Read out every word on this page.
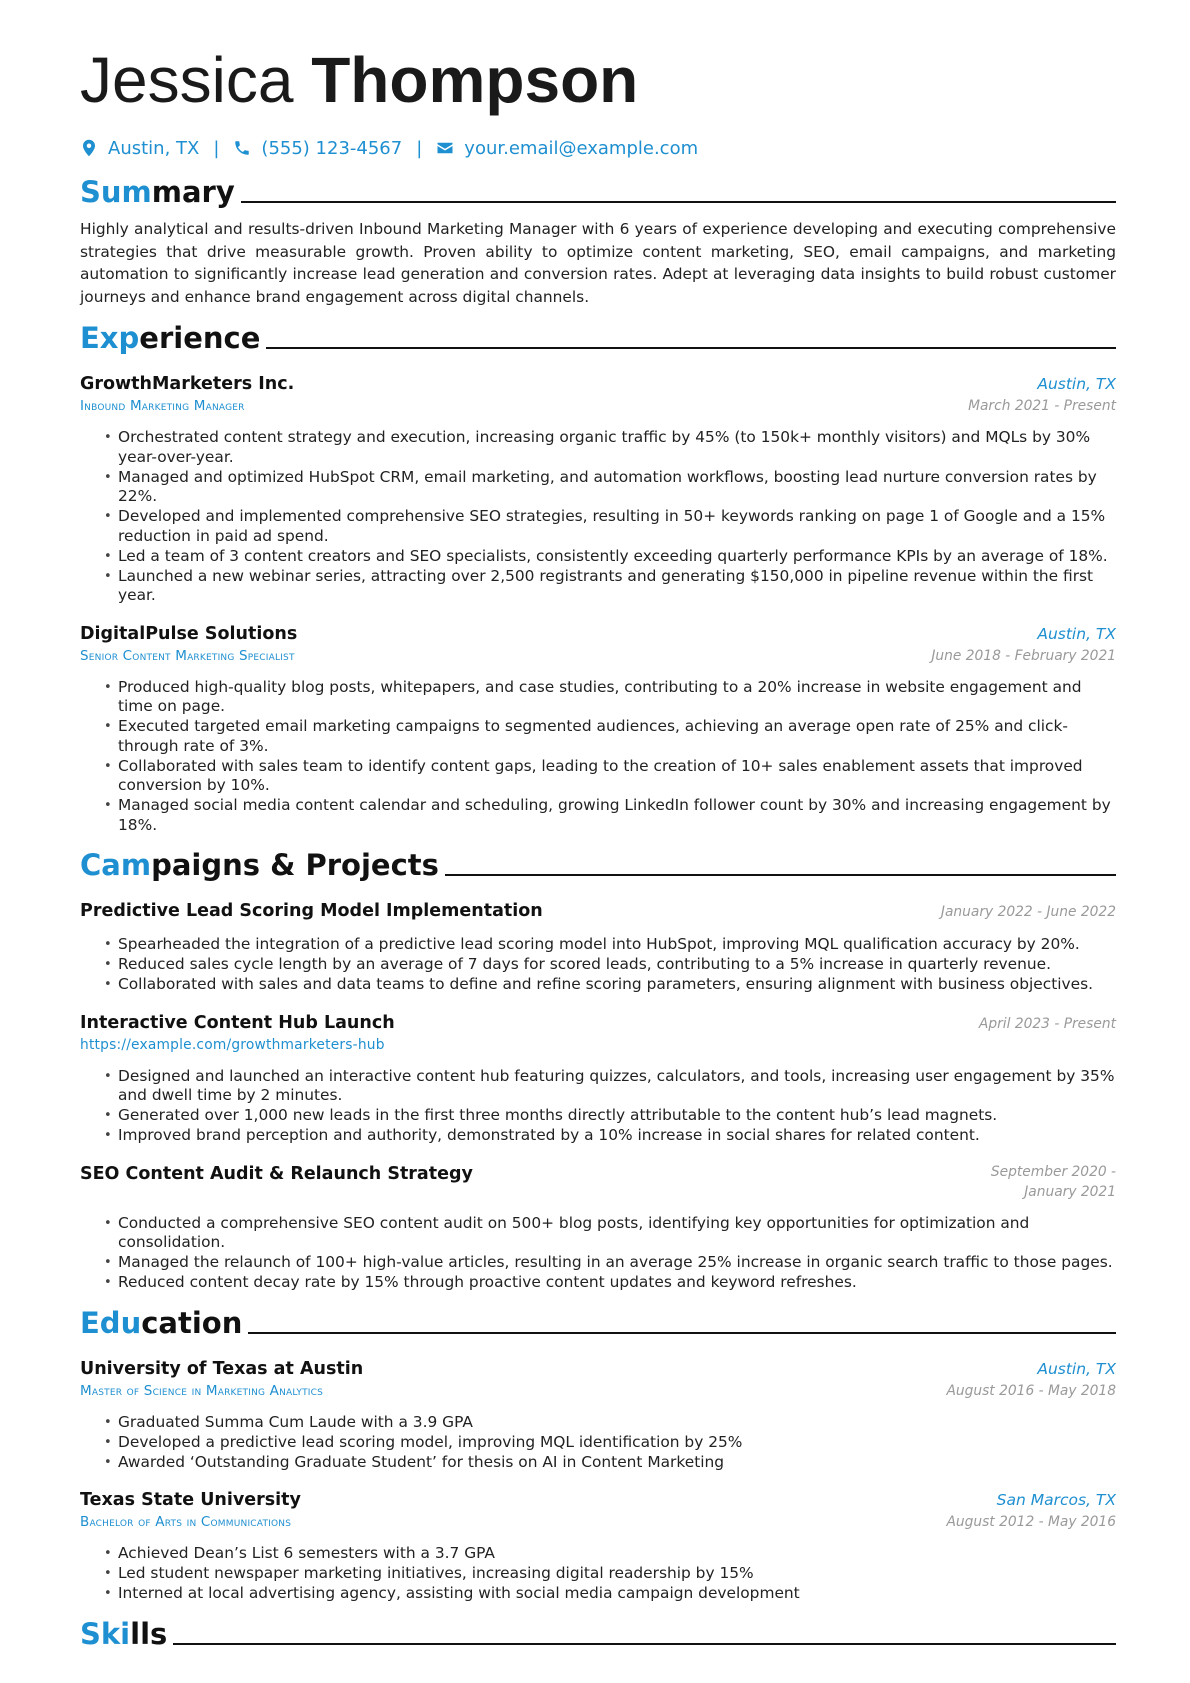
Jessica Thompson
Austin, TX | (555) 123-4567 | your.email@example.com
Summary

Highly analytical and results-driven Inbound Marketing Manager with 6 years of experience developing and executing comprehensive strategies that drive measurable growth. Proven ability to optimize content marketing, SEO, email campaigns, and marketing automation to significantly increase lead generation and conversion rates. Adept at leveraging data insights to build robust customer journeys and enhance brand engagement across digital channels.

Experience
GrowthMarketers Inc.	Austin, TX
Inbound Marketing Manager	March 2021 - Present
• Orchestrated content strategy and execution, increasing organic traffic by 45% (to 150k+ monthly visitors) and MQLs by 30% year-over-year.
• Managed and optimized HubSpot CRM, email marketing, and automation workflows, boosting lead nurture conversion rates by 22%.
• Developed and implemented comprehensive SEO strategies, resulting in 50+ keywords ranking on page 1 of Google and a 15% reduction in paid ad spend.
• Led a team of 3 content creators and SEO specialists, consistently exceeding quarterly performance KPIs by an average of 18%.
• Launched a new webinar series, attracting over 2,500 registrants and generating $150,000 in pipeline revenue within the first year.
DigitalPulse Solutions	Austin, TX
Senior Content Marketing Specialist	June 2018 - February 2021
• Produced high-quality blog posts, whitepapers, and case studies, contributing to a 20% increase in website engagement and time on page.
• Executed targeted email marketing campaigns to segmented audiences, achieving an average open rate of 25% and click-through rate of 3%.
• Collaborated with sales team to identify content gaps, leading to the creation of 10+ sales enablement assets that improved conversion by 10%.
• Managed social media content calendar and scheduling, growing LinkedIn follower count by 30% and increasing engagement by 18%.
Campaigns & Projects
Predictive Lead Scoring Model Implementation	January 2022 - June 2022
• Spearheaded the integration of a predictive lead scoring model into HubSpot, improving MQL qualification accuracy by 20%.
• Reduced sales cycle length by an average of 7 days for scored leads, contributing to a 5% increase in quarterly revenue.
• Collaborated with sales and data teams to define and refine scoring parameters, ensuring alignment with business objectives.
Interactive Content Hub Launch	April 2023 - Present
https://example.com/growthmarketers-hub
• Designed and launched an interactive content hub featuring quizzes, calculators, and tools, increasing user engagement by 35% and dwell time by 2 minutes.
• Generated over 1,000 new leads in the first three months directly attributable to the content hub’s lead magnets.
• Improved brand perception and authority, demonstrated by a 10% increase in social shares for related content.
SEO Content Audit & Relaunch Strategy	September 2020 - January 2021
• Conducted a comprehensive SEO content audit on 500+ blog posts, identifying key opportunities for optimization and consolidation.
• Managed the relaunch of 100+ high-value articles, resulting in an average 25% increase in organic search traffic to those pages.
• Reduced content decay rate by 15% through proactive content updates and keyword refreshes.
Education
University of Texas at Austin	Austin, TX
Master of Science in Marketing Analytics	August 2016 - May 2018
• Graduated Summa Cum Laude with a 3.9 GPA
• Developed a predictive lead scoring model, improving MQL identification by 25%
• Awarded ‘Outstanding Graduate Student’ for thesis on AI in Content Marketing
Texas State University	San Marcos, TX
Bachelor of Arts in Communications	August 2012 - May 2016
• Achieved Dean’s List 6 semesters with a 3.7 GPA
• Led student newspaper marketing initiatives, increasing digital readership by 15%
• Interned at local advertising agency, assisting with social media campaign development
Skills
